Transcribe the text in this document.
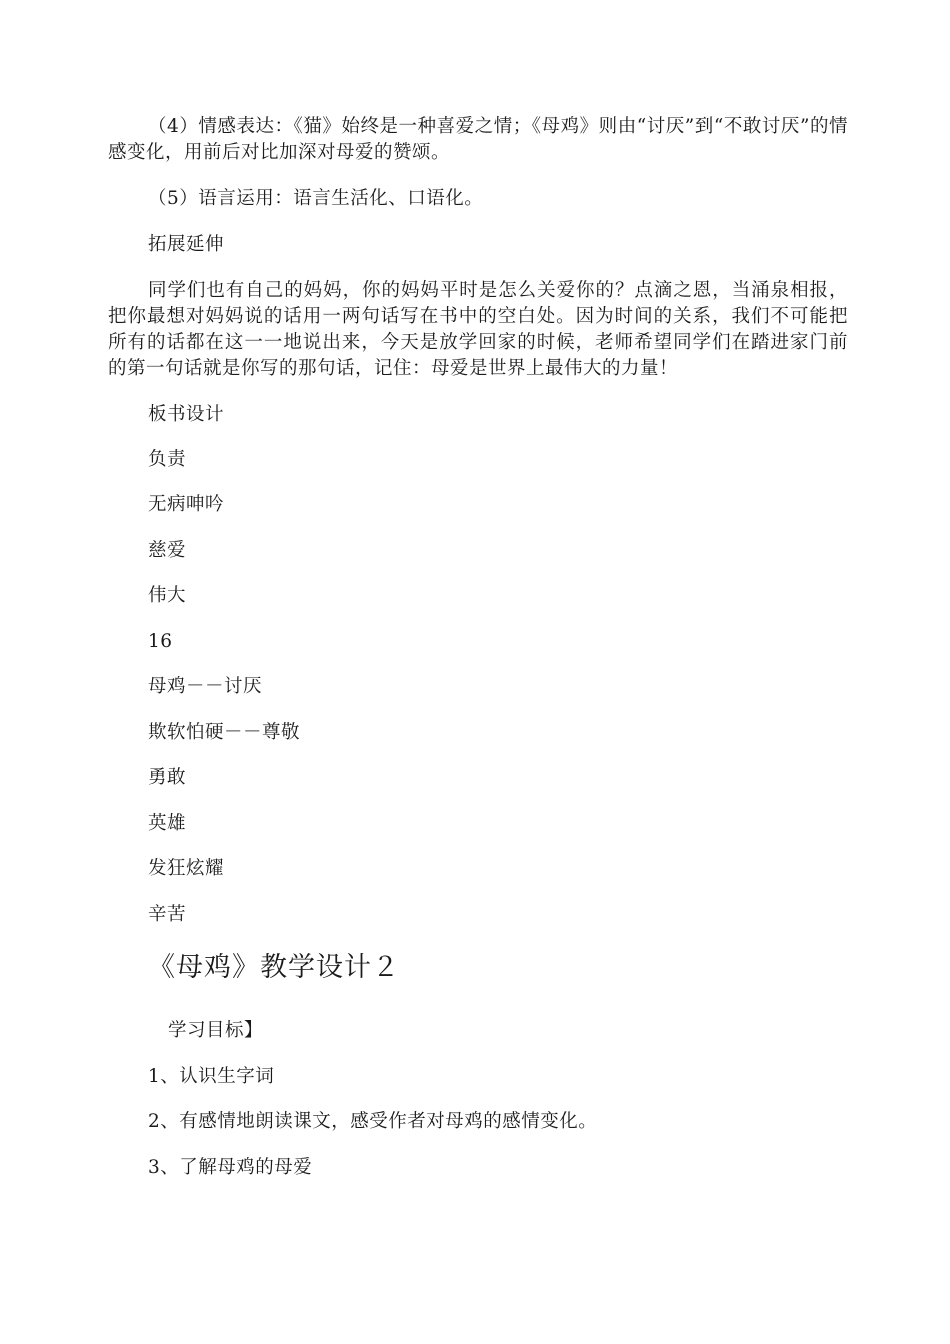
（4）情感表达：《猫》始终是一种喜爱之情；《母鸡》则由“讨厌”到“不敢讨厌”的情感变化，用前后对比加深对母爱的赞颂。

（5）语言运用：语言生活化、口语化。

拓展延伸

同学们也有自己的妈妈，你的妈妈平时是怎么关爱你的？点滴之恩，当涌泉相报，把你最想对妈妈说的话用一两句话写在书中的空白处。因为时间的关系，我们不可能把所有的话都在这一一地说出来，今天是放学回家的时候，老师希望同学们在踏进家门前的第一句话就是你写的那句话，记住：母爱是世界上最伟大的力量！

板书设计

负责

无病呻吟

慈爱

伟大

16

母鸡－－讨厌

欺软怕硬－－尊敬

勇敢

英雄

发狂炫耀

辛苦

《母鸡》教学设计２

学习目标】

1、认识生字词

2、有感情地朗读课文，感受作者对母鸡的感情变化。

3、了解母鸡的母爱
